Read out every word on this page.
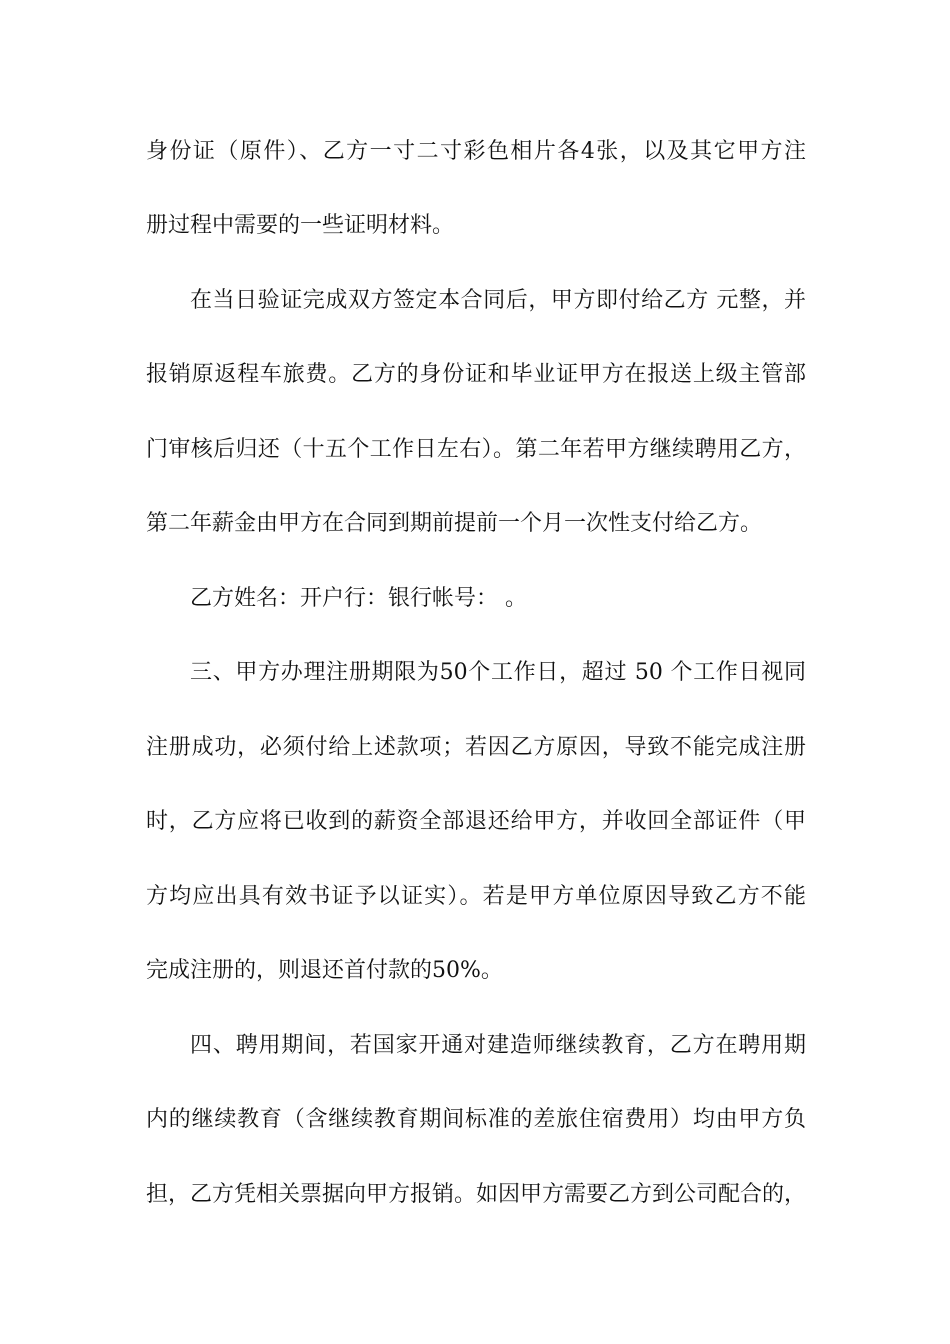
身份证（原件）、乙方一寸二寸彩色相片各4张，以及其它甲方注
册过程中需要的一些证明材料。
在当日验证完成双方签定本合同后，甲方即付给乙方 元整，并
报销原返程车旅费。乙方的身份证和毕业证甲方在报送上级主管部
门审核后归还（十五个工作日左右）。第二年若甲方继续聘用乙方，
第二年薪金由甲方在合同到期前提前一个月一次性支付给乙方。
乙方姓名：开户行：银行帐号： 。
三、甲方办理注册期限为50个工作日，超过 50 个工作日视同
注册成功，必须付给上述款项；若因乙方原因，导致不能完成注册
时，乙方应将已收到的薪资全部退还给甲方，并收回全部证件（甲
方均应出具有效书证予以证实）。若是甲方单位原因导致乙方不能
完成注册的，则退还首付款的50%。
四、聘用期间，若国家开通对建造师继续教育，乙方在聘用期
内的继续教育（含继续教育期间标准的差旅住宿费用）均由甲方负
担，乙方凭相关票据向甲方报销。如因甲方需要乙方到公司配合的，
